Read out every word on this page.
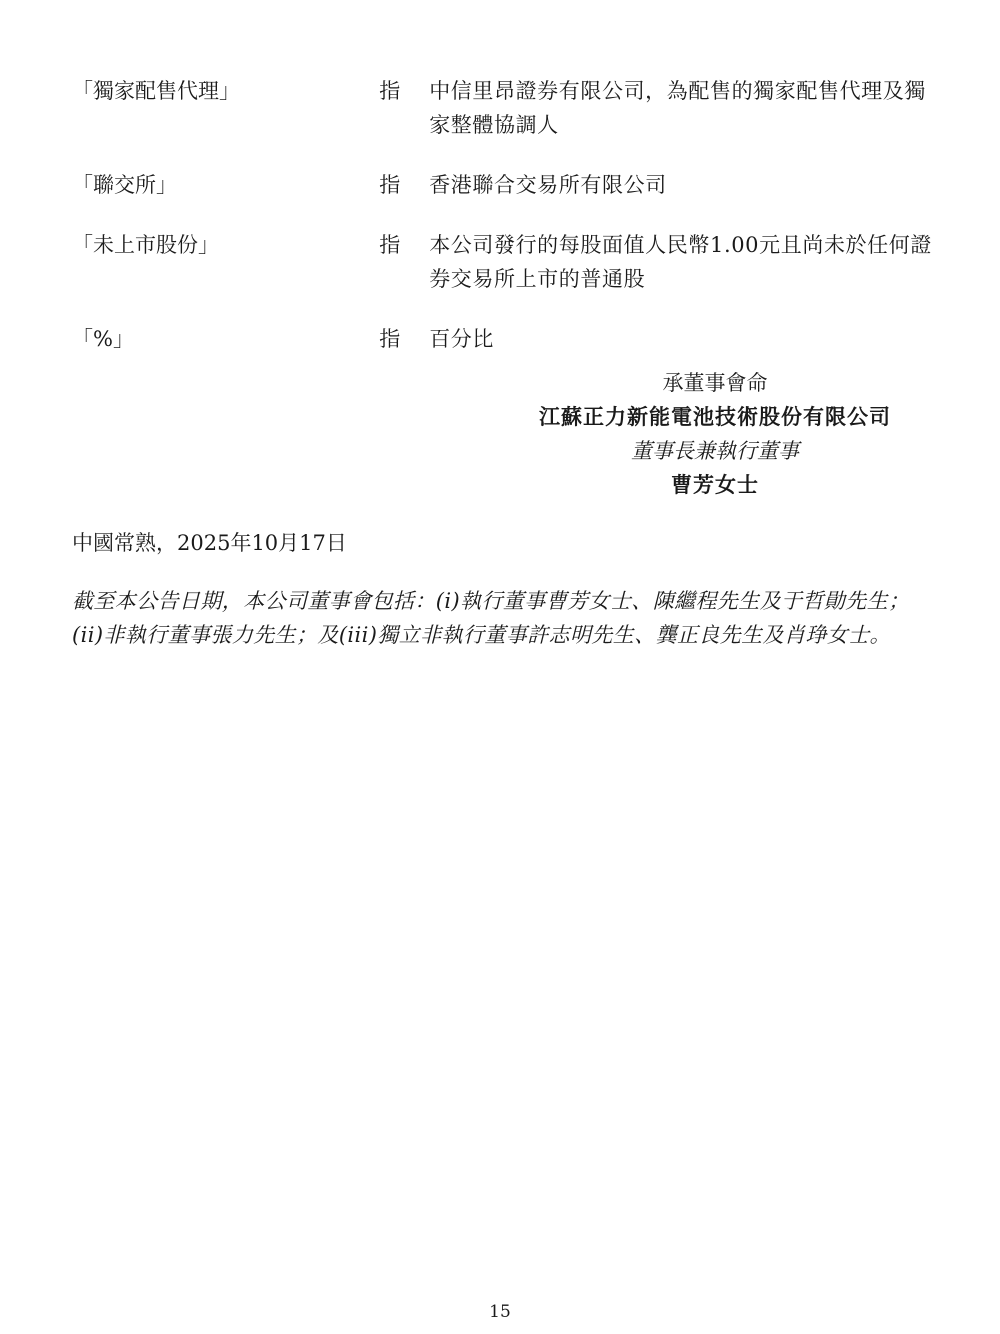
「獨家配售代理」	指	中信里昂證券有限公司，為配售的獨家配售代理及獨家整體協調人
「聯交所」	指	香港聯合交易所有限公司
「未上市股份」	指	本公司發行的每股面值人民幣1.00元且尚未於任何證券交易所上市的普通股
「%」	指	百分比
承董事會命
江蘇正力新能電池技術股份有限公司
董事長兼執行董事
曹芳女士
中國常熟，2025年10月17日
截至本公告日期，本公司董事會包括：(i)執行董事曹芳女士、陳繼程先生及于哲勛先生；(ii)非執行董事張力先生；及(iii)獨立非執行董事許志明先生、龔正良先生及肖琤女士。
15
